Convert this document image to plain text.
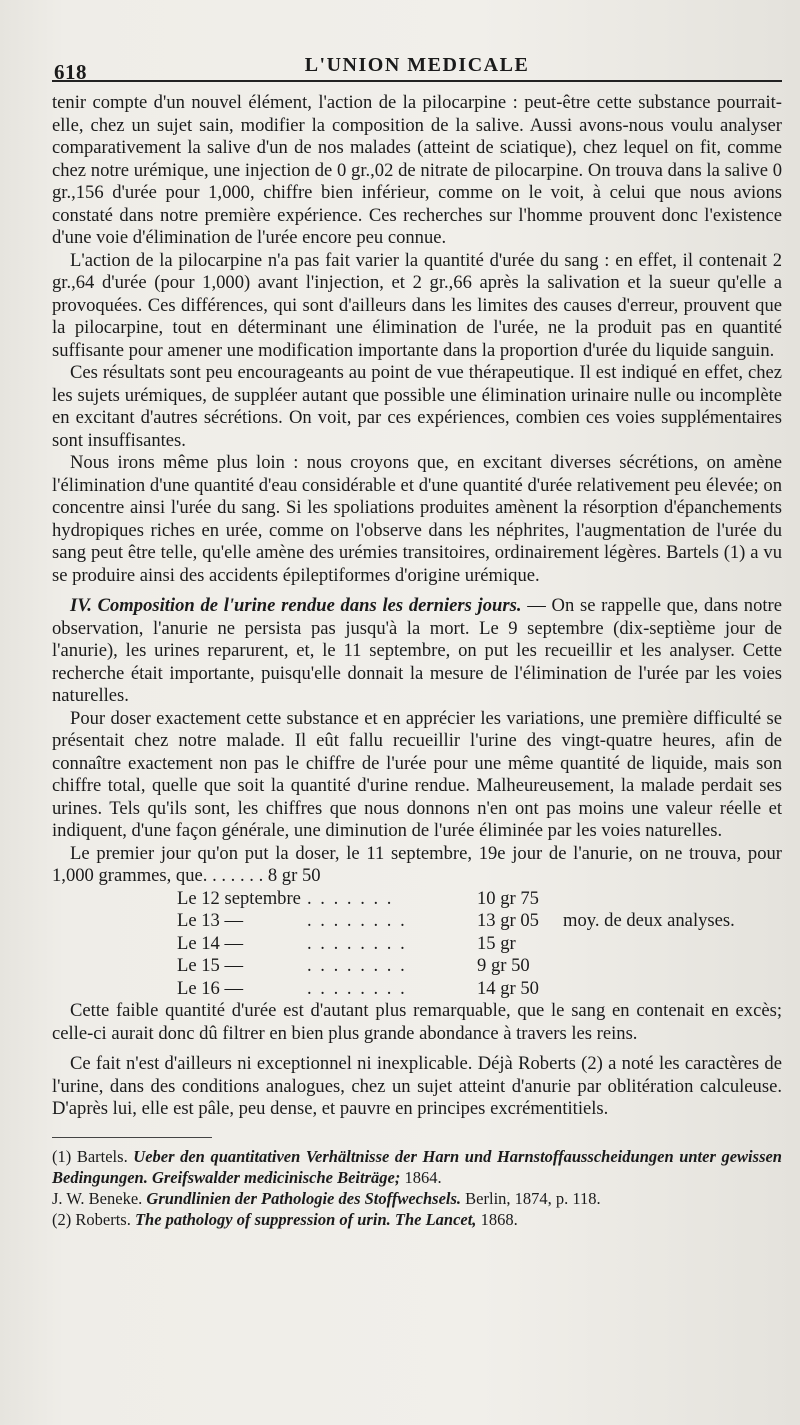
618	L'UNION MEDICALE

tenir compte d'un nouvel élément, l'action de la pilocarpine : peut-être cette substance pourrait-elle, chez un sujet sain, modifier la composition de la salive. Aussi avons-nous voulu analyser comparativement la salive d'un de nos malades (atteint de sciatique), chez lequel on fit, comme chez notre urémique, une injection de 0 gr.,02 de nitrate de pilocarpine. On trouva dans la salive 0 gr.,156 d'urée pour 1,000, chiffre bien inférieur, comme on le voit, à celui que nous avions constaté dans notre première expérience. Ces recherches sur l'homme prouvent donc l'existence d'une voie d'élimination de l'urée encore peu connue.

L'action de la pilocarpine n'a pas fait varier la quantité d'urée du sang : en effet, il contenait 2 gr.,64 d'urée (pour 1,000) avant l'injection, et 2 gr.,66 après la salivation et la sueur qu'elle a provoquées. Ces différences, qui sont d'ailleurs dans les limites des causes d'erreur, prouvent que la pilocarpine, tout en déterminant une élimination de l'urée, ne la produit pas en quantité suffisante pour amener une modification importante dans la proportion d'urée du liquide sanguin.

Ces résultats sont peu encourageants au point de vue thérapeutique. Il est indiqué en effet, chez les sujets urémiques, de suppléer autant que possible une élimination urinaire nulle ou incomplète en excitant d'autres sécrétions. On voit, par ces expériences, combien ces voies supplémentaires sont insuffisantes.

Nous irons même plus loin : nous croyons que, en excitant diverses sécrétions, on amène l'élimination d'une quantité d'eau considérable et d'une quantité d'urée relativement peu élevée; on concentre ainsi l'urée du sang. Si les spoliations produites amènent la résorption d'épanchements hydropiques riches en urée, comme on l'observe dans les néphrites, l'augmentation de l'urée du sang peut être telle, qu'elle amène des urémies transitoires, ordinairement légères. Bartels (1) a vu se produire ainsi des accidents épileptiformes d'origine urémique.

IV. Composition de l'urine rendue dans les derniers jours. — On se rappelle que, dans notre observation, l'anurie ne persista pas jusqu'à la mort. Le 9 septembre (dix-septième jour de l'anurie), les urines reparurent, et, le 11 septembre, on put les recueillir et les analyser. Cette recherche était importante, puisqu'elle donnait la mesure de l'élimination de l'urée par les voies naturelles.

Pour doser exactement cette substance et en apprécier les variations, une première difficulté se présentait chez notre malade. Il eût fallu recueillir l'urine des vingt-quatre heures, afin de connaître exactement non pas le chiffre de l'urée pour une même quantité de liquide, mais son chiffre total, quelle que soit la quantité d'urine rendue. Malheureusement, la malade perdait ses urines. Tels qu'ils sont, les chiffres que nous donnons n'en ont pas moins une valeur réelle et indiquent, d'une façon générale, une diminution de l'urée éliminée par les voies naturelles.

Le premier jour qu'on put la doser, le 11 septembre, 19e jour de l'anurie, on ne trouva, pour 1,000 grammes, que. . . . . . . 8 gr 50

Le 12 septembre	. . . . . . .	10 gr 75	
Le 13 —	. . . . . . . .	13 gr 05	moy. de deux analyses.
Le 14 —	. . . . . . . .	15 gr	
Le 15 —	. . . . . . . .	9 gr 50	
Le 16 —	. . . . . . . .	14 gr 50	

Cette faible quantité d'urée est d'autant plus remarquable, que le sang en contenait en excès; celle-ci aurait donc dû filtrer en bien plus grande abondance à travers les reins.

Ce fait n'est d'ailleurs ni exceptionnel ni inexplicable. Déjà Roberts (2) a noté les caractères de l'urine, dans des conditions analogues, chez un sujet atteint d'anurie par oblitération calculeuse. D'après lui, elle est pâle, peu dense, et pauvre en principes excrémentitiels.

(1) Bartels. Ueber den quantitativen Verhältnisse der Harn und Harnstoffausscheidungen unter gewissen Bedingungen. Greifswalder medicinische Beiträge; 1864.

J. W. Beneke. Grundlinien der Pathologie des Stoffwechsels. Berlin, 1874, p. 118.

(2) Roberts. The pathology of suppression of urin. The Lancet, 1868.
